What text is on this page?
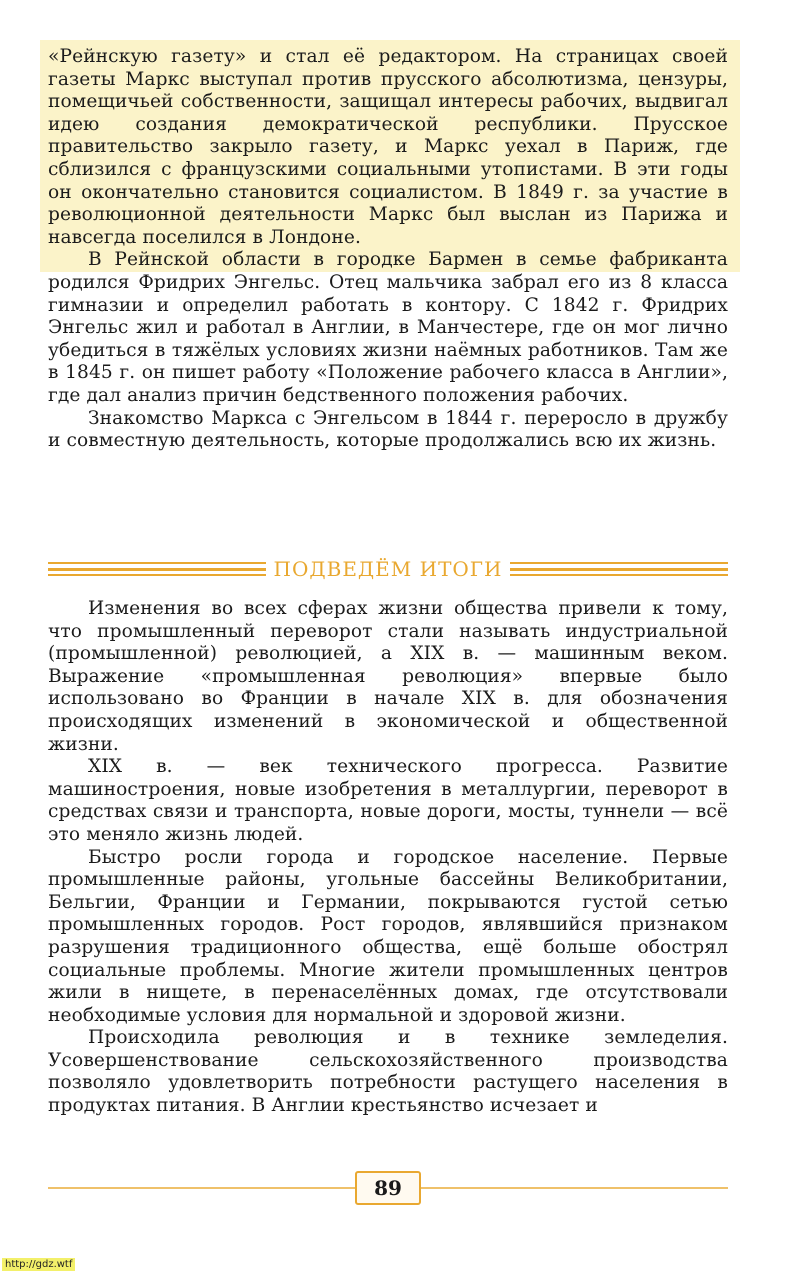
«Рейнскую газету» и стал её редактором. На страницах своей газеты Маркс выступал против прусского абсолютизма, цензуры, помещичьей собственности, защищал интересы рабочих, выдвигал идею создания демократической республики. Прусское правительство закрыло газету, и Маркс уехал в Париж, где сблизился с французскими социальными утопистами. В эти годы он окончательно становится социалистом. В 1849 г. за участие в революционной деятельности Маркс был выслан из Парижа и навсегда поселился в Лондоне.

В Рейнской области в городке Бармен в семье фабриканта родился Фридрих Энгельс. Отец мальчика забрал его из 8 класса гимназии и определил работать в контору. С 1842 г. Фридрих Энгельс жил и работал в Англии, в Манчестере, где он мог лично убедиться в тяжёлых условиях жизни наёмных работников. Там же в 1845 г. он пишет работу «Положение рабочего класса в Англии», где дал анализ причин бедственного положения рабочих.

Знакомство Маркса с Энгельсом в 1844 г. переросло в дружбу и совместную деятельность, которые продолжались всю их жизнь.

ПОДВЕДЁМ ИТОГИ

Изменения во всех сферах жизни общества привели к тому, что промышленный переворот стали называть индустриальной (промышленной) революцией, а XIX в. — машинным веком. Выражение «промышленная революция» впервые было использовано во Франции в начале XIX в. для обозначения происходящих изменений в экономической и общественной жизни.

XIX в. — век технического прогресса. Развитие машиностроения, новые изобретения в металлургии, переворот в средствах связи и транспорта, новые дороги, мосты, туннели — всё это меняло жизнь людей.

Быстро росли города и городское население. Первые промышленные районы, угольные бассейны Великобритании, Бельгии, Франции и Германии, покрываются густой сетью промышленных городов. Рост городов, являвшийся признаком разрушения традиционного общества, ещё больше обострял социальные проблемы. Многие жители промышленных центров жили в нищете, в перенаселённых домах, где отсутствовали необходимые условия для нормальной и здоровой жизни.

Происходила революция и в технике земледелия. Усовершенствование сельскохозяйственного производства позволяло удовлетворить потребности растущего населения в продуктах питания. В Англии крестьянство исчезает и

89
http://gdz.wtf
